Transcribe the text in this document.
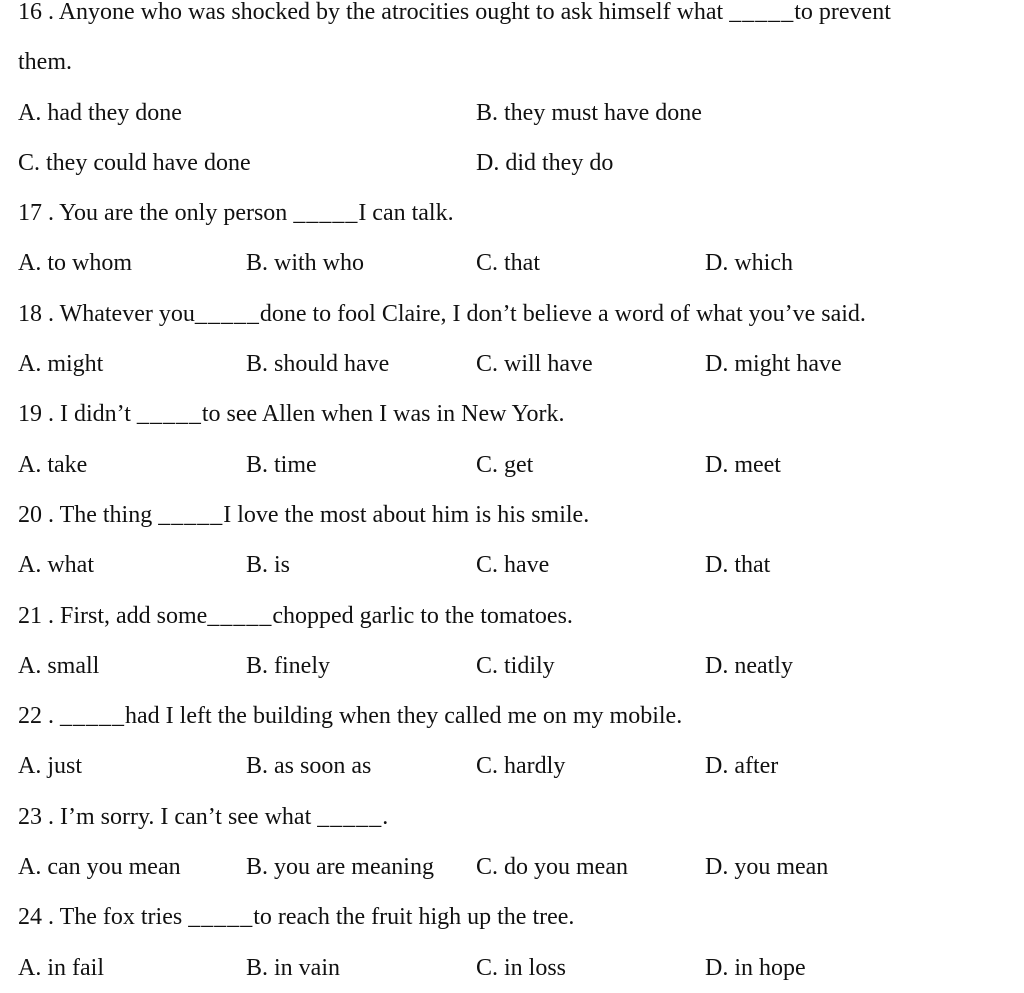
16 . Anyone who was shocked by the atrocities ought to ask himself what _____to prevent
them.
A. had they done	B. they must have done
C. they could have done	D. did they do
17 . You are the only person _____I can talk.
A. to whom	B. with who	C. that	D. which
18 . Whatever you_____done to fool Claire, I don’t believe a word of what you’ve said.
A. might	B. should have	C. will have	D. might have
19 . I didn’t _____to see Allen when I was in New York.
A. take	B. time	C. get	D. meet
20 . The thing _____I love the most about him is his smile.
A. what	B. is	C. have	D. that
21 . First, add some_____chopped garlic to the tomatoes.
A. small	B. finely	C. tidily	D. neatly
22 . _____had I left the building when they called me on my mobile.
A. just	B. as soon as	C. hardly	D. after
23 . I’m sorry. I can’t see what _____.
A. can you mean	B. you are meaning C. do you mean	D. you mean
24 . The fox tries _____to reach the fruit high up the tree.
A. in fail	B. in vain	C. in loss	D. in hope
